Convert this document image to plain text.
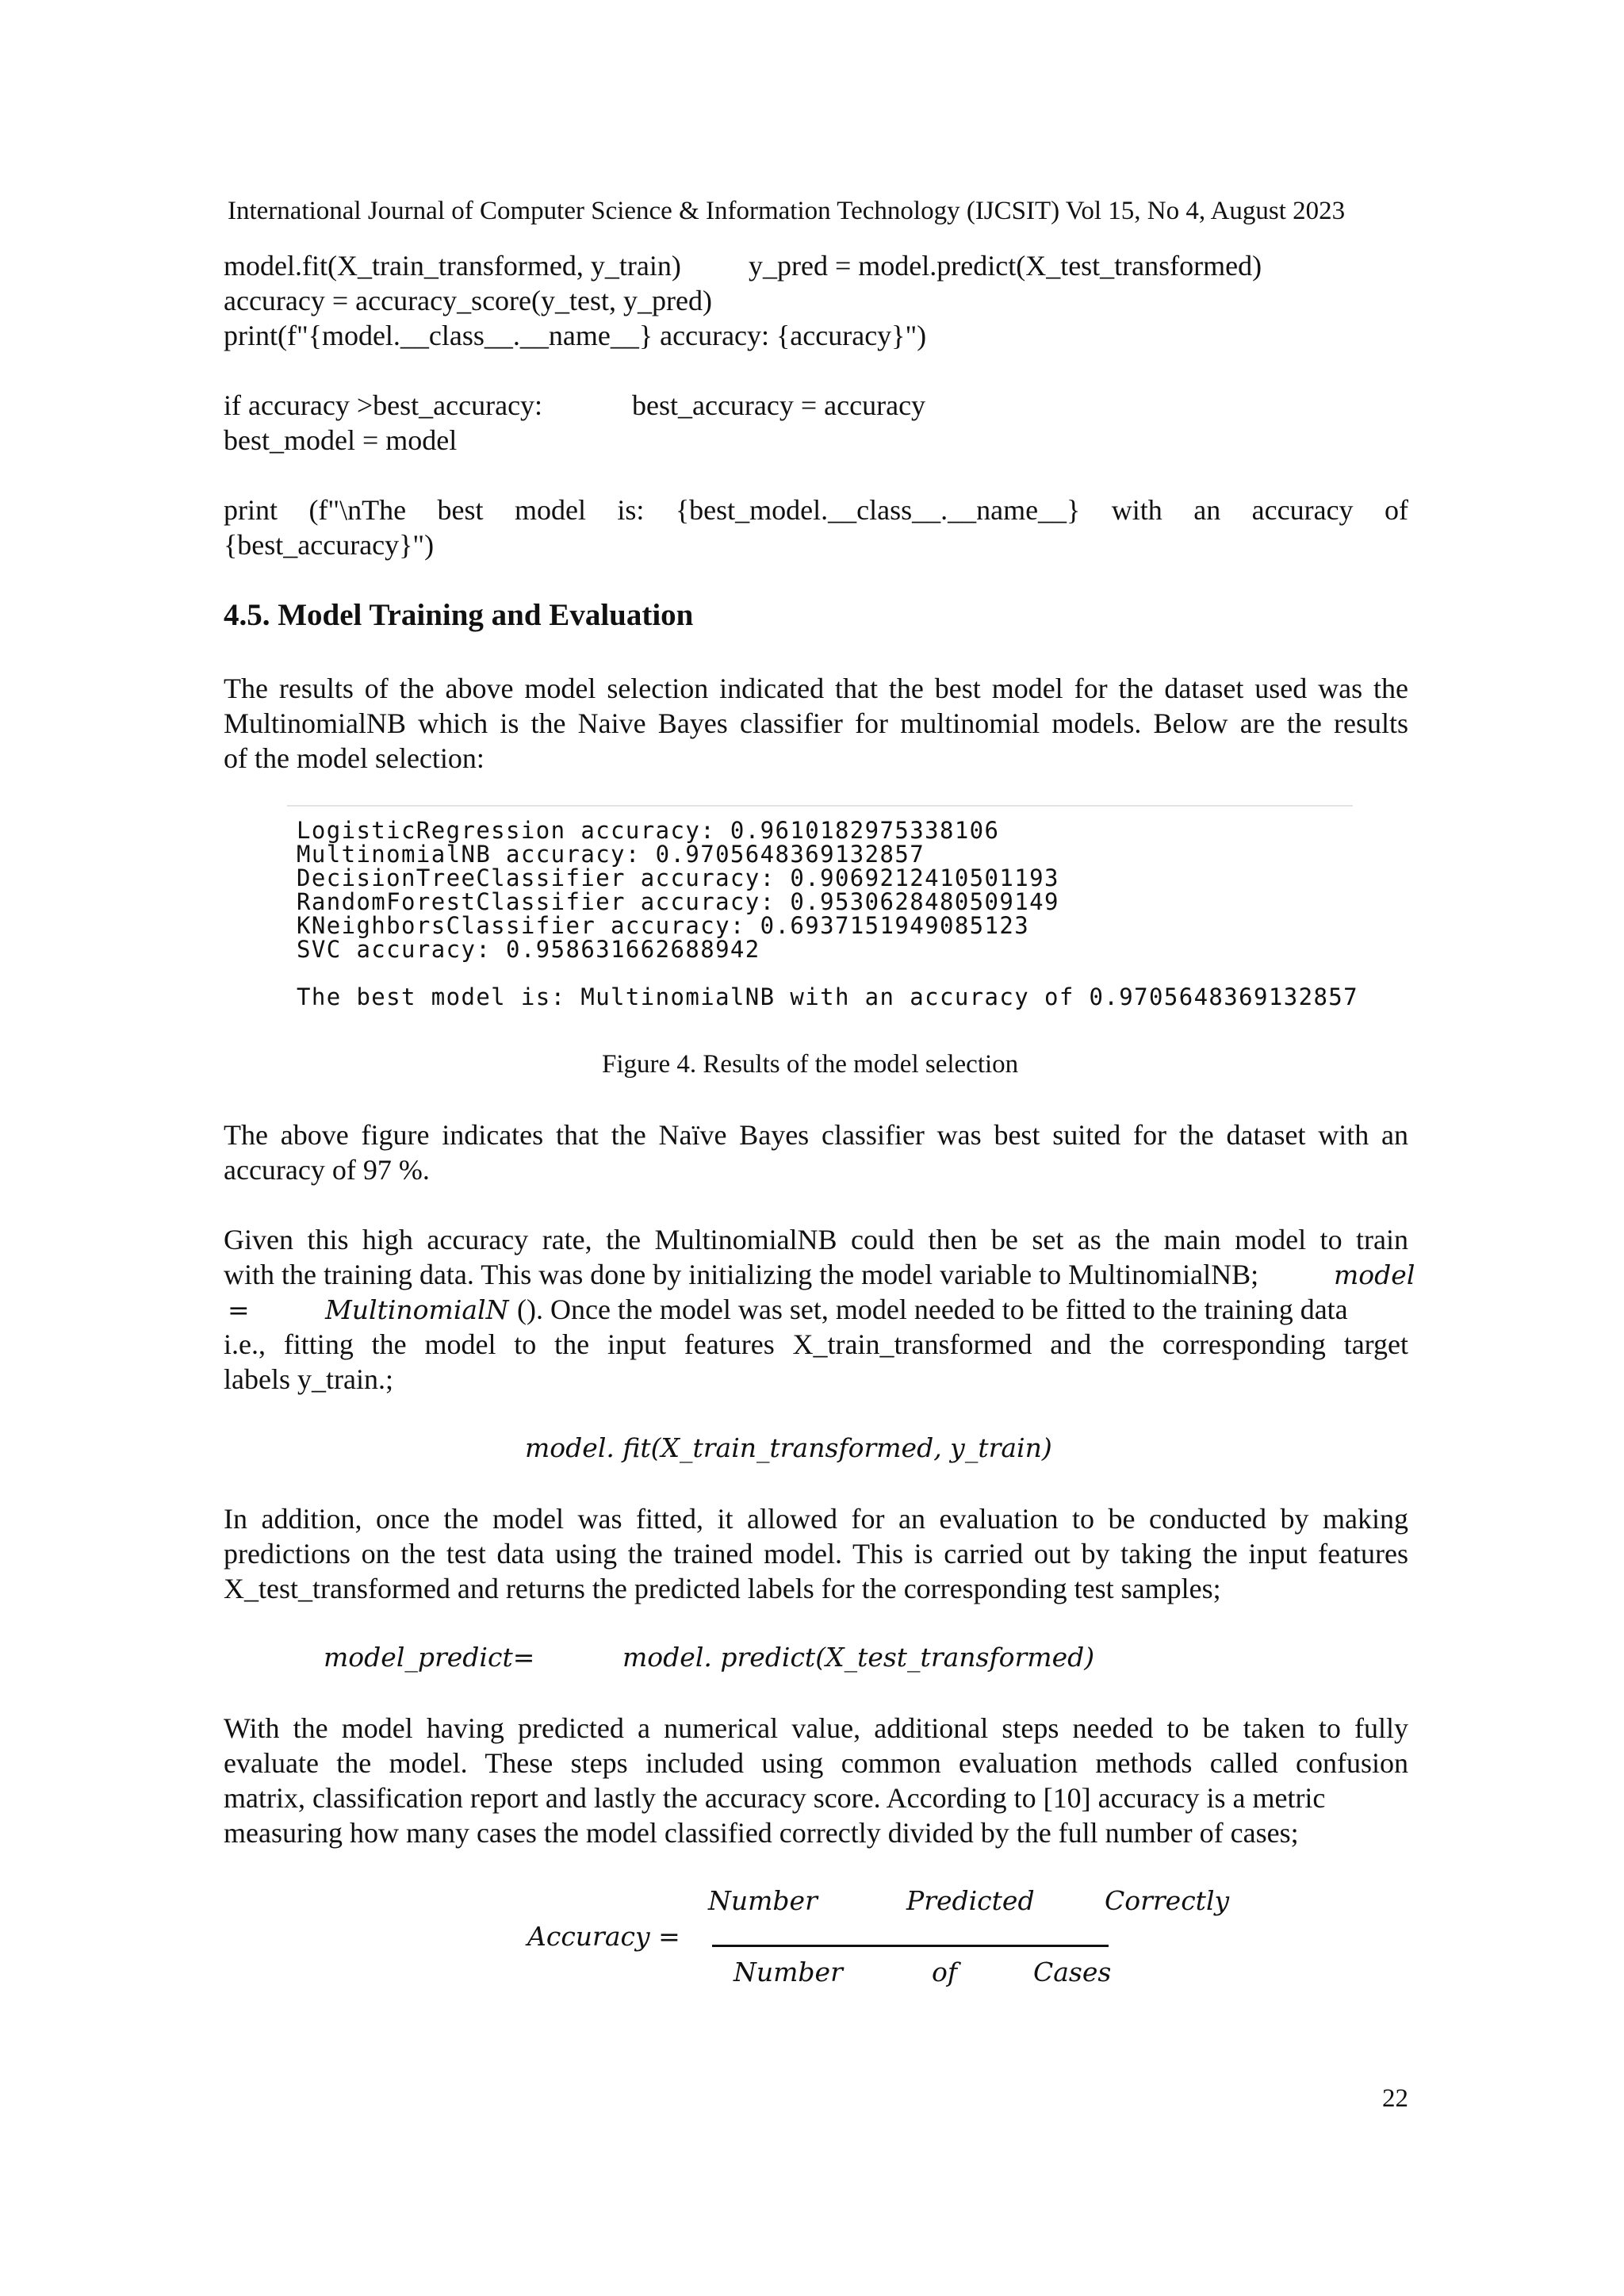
International Journal of Computer Science & Information Technology (IJCSIT) Vol 15, No 4, August 2023
model.fit(X_train_transformed, y_train) y_pred = model.predict(X_test_transformed)
accuracy = accuracy_score(y_test, y_pred)
print(f"{model.__class__.__name__} accuracy: {accuracy}")
if accuracy >best_accuracy:	best_accuracy = accuracy
best_model = model
print (f"\nThe best model is: {best_model.__class__.__name__} with an accuracy of
{best_accuracy}")
4.5. Model Training and Evaluation
The results of the above model selection indicated that the best model for the dataset used was the
MultinomialNB which is the Naive Bayes classifier for multinomial models. Below are the results
of the model selection:
LogisticRegression accuracy: 0.9610182975338106
MultinomialNB accuracy: 0.9705648369132857
DecisionTreeClassifier accuracy: 0.9069212410501193
RandomForestClassifier accuracy: 0.9530628480509149
KNeighborsClassifier accuracy: 0.6937151949085123
SVC accuracy: 0.958631662688942
The best model is: MultinomialNB with an accuracy of 0.9705648369132857
Figure 4. Results of the model selection
The above figure indicates that the Naïve Bayes classifier was best suited for the dataset with an
accuracy of 97 %.
Given this high accuracy rate, the MultinomialNB could then be set as the main model to train
with the training data. This was done by initializing the model variable to MultinomialNB;	model
=	MultinomialN (). Once the model was set, model needed to be fitted to the training data
i.e., fitting the model to the input features X_train_transformed and the corresponding target
labels y_train.;
model. fit(X_train_transformed, y_train)
In addition, once the model was fitted, it allowed for an evaluation to be conducted by making
predictions on the test data using the trained model. This is carried out by taking the input features
X_test_transformed and returns the predicted labels for the corresponding test samples;
model_predict=	model. predict(X_test_transformed)
With the model having predicted a numerical value, additional steps needed to be taken to fully
evaluate the model. These steps included using common evaluation methods called confusion
matrix, classification report and lastly the accuracy score. According to [10] accuracy is a metric
measuring how many cases the model classified correctly divided by the full number of cases;
Accuracy =
Number	Predicted	Correctly
Number	of	Cases
22
